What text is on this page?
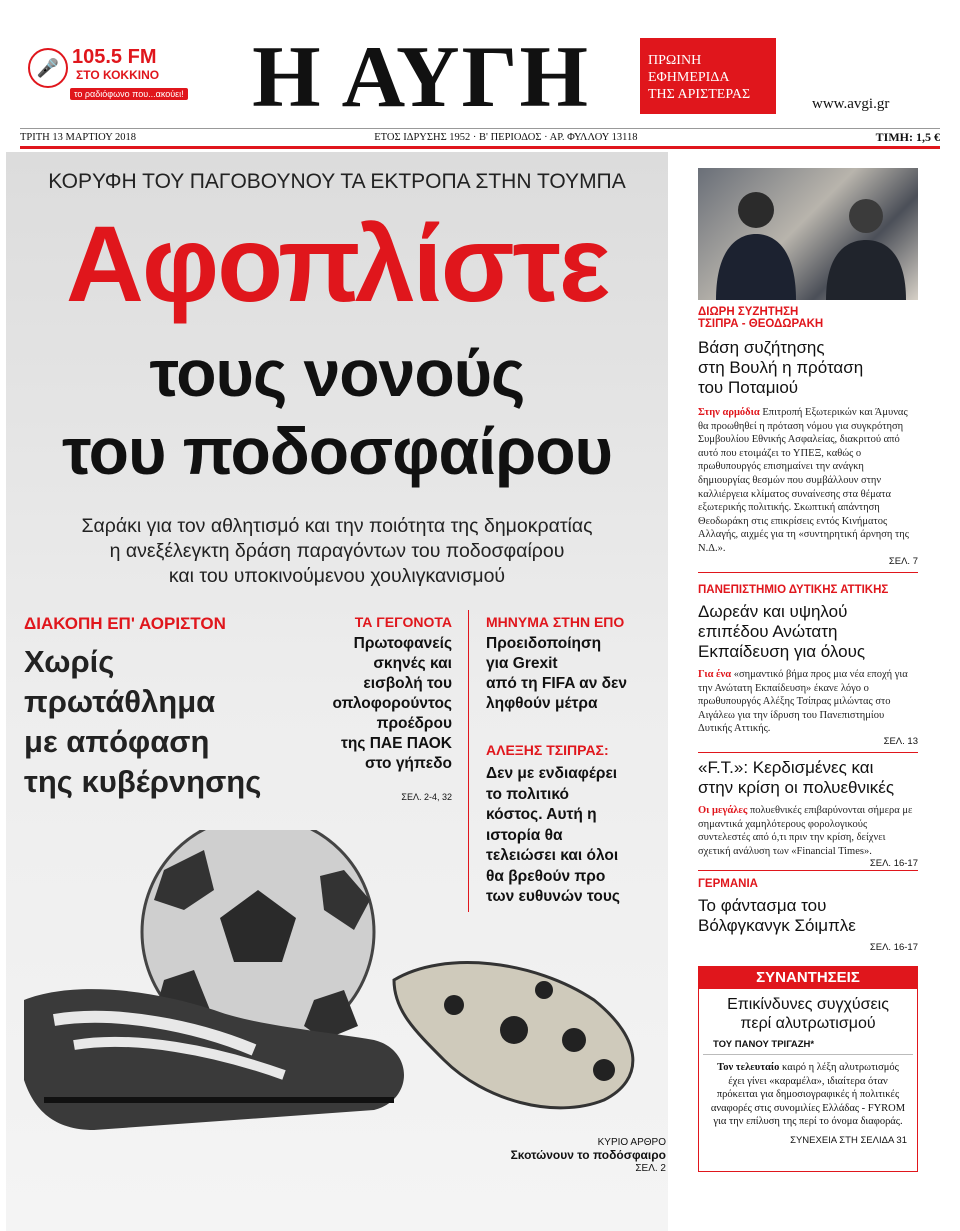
🎤 105.5 FM
ΣΤΟ ΚΟΚΚΙΝΟ
το ραδιόφωνο που...ακούει! Η ΑΥΓΗ	ΠΡΩΙΝΗ
ΕΦΗΜΕΡΙΔΑ
ΤΗΣ ΑΡΙΣΤΕΡΑΣ
www.avgi.gr
ΤΡΙΤΗ 13 ΜΑΡΤΙΟΥ 2018	ΕΤΟΣ ΙΔΡΥΣΗΣ 1952 · Β' ΠΕΡΙΟΔΟΣ · ΑΡ. ΦΥΛΛΟΥ 13118	ΤΙΜΗ: 1,5 €
ΚΟΡΥΦΗ ΤΟΥ ΠΑΓΟΒΟΥΝΟΥ ΤΑ ΕΚΤΡΟΠΑ ΣΤΗΝ ΤΟΥΜΠΑ
Αφοπλίστε
τους νονούς
του ποδοσφαίρου
Σαράκι για τον αθλητισμό και την ποιότητα της δημοκρατίας
η ανεξέλεγκτη δράση παραγόντων του ποδοσφαίρου
και του υποκινούμενου χουλιγκανισμού
ΔΙΑΚΟΠΗ ΕΠ' ΑΟΡΙΣΤΟΝ
Χωρίς
πρωτάθλημα
με απόφαση
της κυβέρνησης
ΤΑ ΓΕΓΟΝΟΤΑ
Πρωτοφανείς
σκηνές και
εισβολή του
οπλοφορούντος
προέδρου
της ΠΑΕ ΠΑΟΚ
στο γήπεδο
ΣΕΛ. 2-4, 32
ΜΗΝΥΜΑ ΣΤΗΝ ΕΠΟ
Προειδοποίηση
για Grexit
από τη FIFA αν δεν
ληφθούν μέτρα
ΑΛΕΞΗΣ ΤΣΙΠΡΑΣ:
Δεν με ενδιαφέρει
το πολιτικό
κόστος. Αυτή η
ιστορία θα
τελειώσει και όλοι
θα βρεθούν προ
των ευθυνών τους
ΚΥΡΙΟ ΑΡΘΡΟ
Σκοτώνουν το ποδόσφαιρο
ΣΕΛ. 2
ΔΙΩΡΗ ΣΥΖΗΤΗΣΗ
ΤΣΙΠΡΑ - ΘΕΟΔΩΡΑΚΗ
Βάση συζήτησης
στη Βουλή η πρόταση
του Ποταμιού
Στην αρμόδια Επιτροπή Εξωτερικών και Άμυνας θα προωθηθεί η πρόταση νόμου για συγκρότηση Συμβουλίου Εθνικής Ασφαλείας, διακριτού από αυτό που ετοιμάζει το ΥΠΕΞ, καθώς ο πρωθυπουργός επισημαίνει την ανάγκη δημιουργίας θεσμών που συμβάλλουν στην καλλιέργεια κλίματος συναίνεσης στα θέματα εξωτερικής πολιτικής. Σκωπτική απάντηση Θεοδωράκη στις επικρίσεις εντός Κινήματος Αλλαγής, αιχμές για τη «συντηρητική άρνηση της Ν.Δ.».
ΣΕΛ. 7
ΠΑΝΕΠΙΣΤΗΜΙΟ ΔΥΤΙΚΗΣ ΑΤΤΙΚΗΣ
Δωρεάν και υψηλού
επιπέδου Ανώτατη
Εκπαίδευση για όλους
Για ένα «σημαντικό βήμα προς μια νέα εποχή για την Ανώτατη Εκπαίδευση» έκανε λόγο ο πρωθυπουργός Αλέξης Τσίπρας μιλώντας στο Αιγάλεω για την ίδρυση του Πανεπιστημίου Δυτικής Αττικής.
ΣΕΛ. 13
«F.T.»: Κερδισμένες και
στην κρίση οι πολυεθνικές
Οι μεγάλες πολυεθνικές επιβαρύνονται σήμερα με σημαντικά χαμηλότερους φορολογικούς συντελεστές από ό,τι πριν την κρίση, δείχνει σχετική ανάλυση των «Financial Times».
ΣΕΛ. 16-17
ΓΕΡΜΑΝΙΑ
Το φάντασμα του
Βόλφγκανγκ Σόιμπλε
ΣΕΛ. 16-17
ΣΥΝΑΝΤΗΣΕΙΣ
Επικίνδυνες συγχύσεις
περί αλυτρωτισμού
ΤΟΥ ΠΑΝΟΥ ΤΡΙΓΑΖΗ*
Τον τελευταίο καιρό η λέξη αλυτρωτισμός έχει γίνει «καραμέλα», ιδιαίτερα όταν πρόκειται για δημοσιογραφικές ή πολιτικές αναφορές στις συνομιλίες Ελλάδας - FYROM για την επίλυση της περί το όνομα διαφοράς.
ΣΥΝΕΧΕΙΑ ΣΤΗ ΣΕΛΙΔΑ 31
